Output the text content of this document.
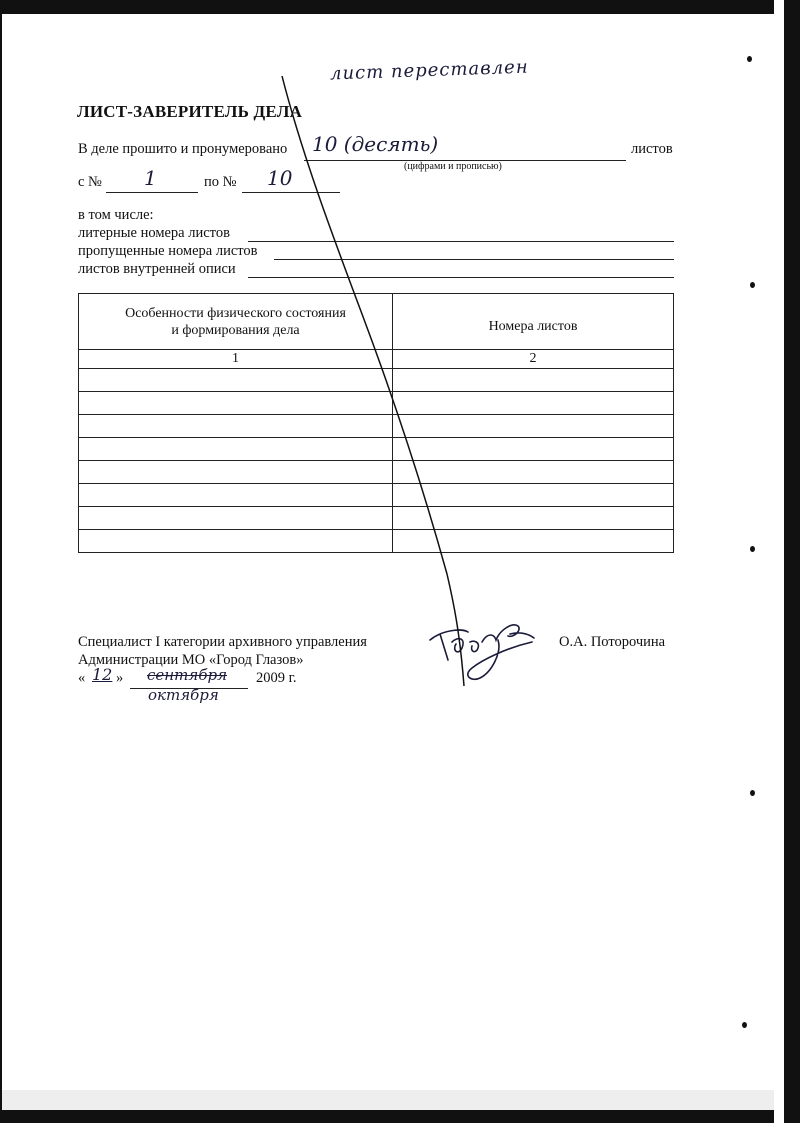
лист переставлен
ЛИСТ-ЗАВЕРИТЕЛЬ ДЕЛА
В деле прошито и пронумеровано 10 (десять)
(цифрами и прописью)
листов
с № 1	по № 10
в том числе:
литерные номера листов
пропущенные номера листов
листов внутренней описи
Особенности физического состояния
и формирования дела	Номера листов
1	2

Специалист I категории архивного управления
Администрации МО «Город Глазов»
О.А. Поторочина
« 12 » сентября 2009 г.
октября
